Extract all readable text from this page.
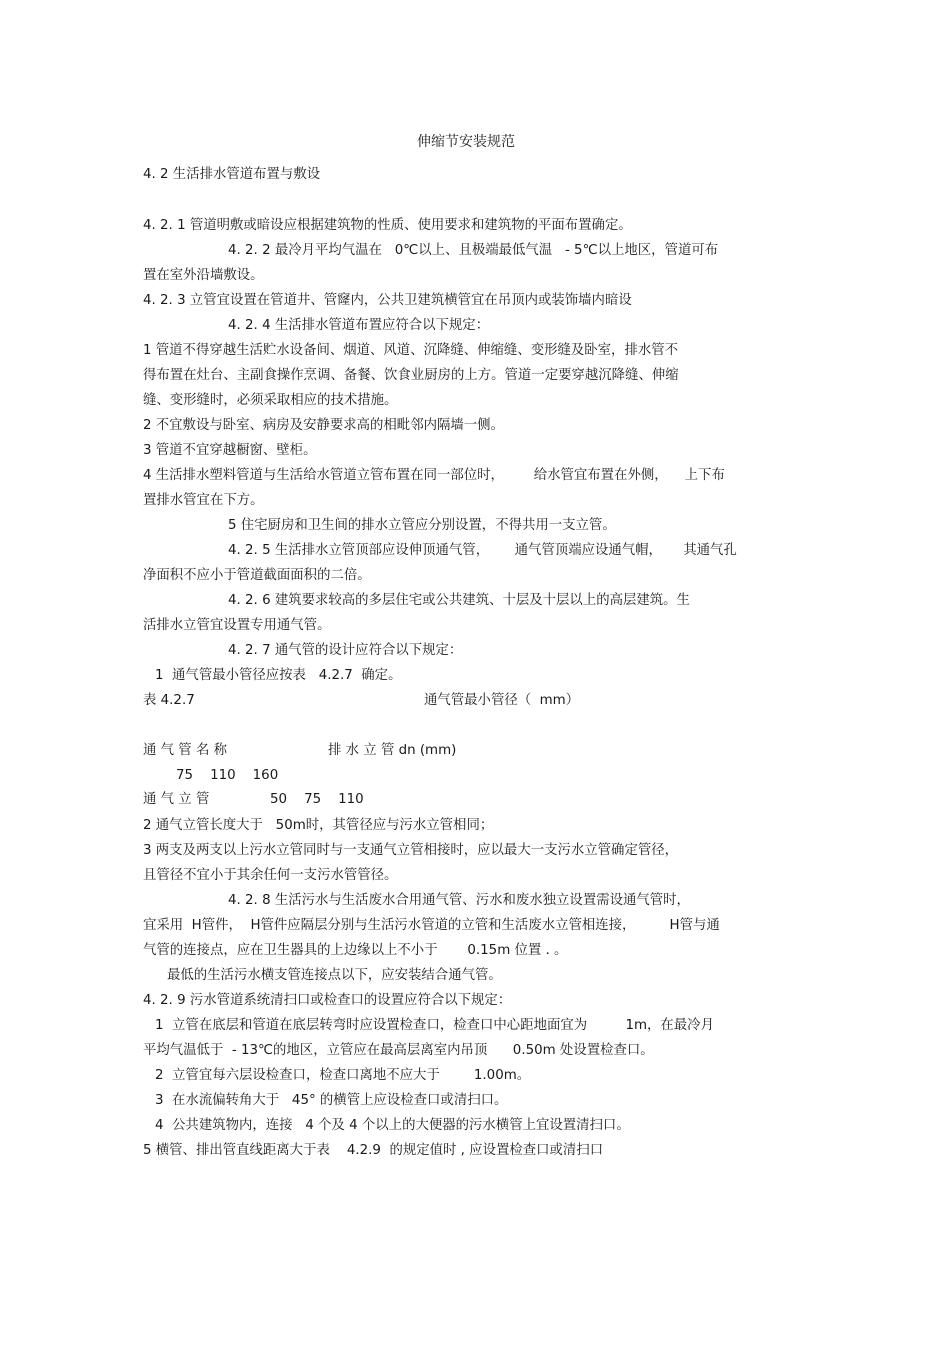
伸缩节安装规范
4. 2 生活排水管道布置与敷设
4. 2. 1 管道明敷或暗设应根据建筑物的性质、使用要求和建筑物的平面布置确定。
4. 2. 2 最冷月平均气温在   0℃以上、且极端最低气温   - 5℃以上地区，管道可布
置在室外沿墙敷设。
4. 2. 3 立管宜设置在管道井、管窿内，公共卫建筑横管宜在吊顶内或装饰墙内暗设
4. 2. 4 生活排水管道布置应符合以下规定：
1 管道不得穿越生活贮水设备间、烟道、风道、沉降缝、伸缩缝、变形缝及卧室，排水管不
得布置在灶台、主副食操作烹调、备餐、饮食业厨房的上方。管道一定要穿越沉降缝、伸缩
缝、变形缝时，必须采取相应的技术措施。
2 不宜敷设与卧室、病房及安静要求高的相毗邻内隔墙一侧。
3 管道不宜穿越橱窗、壁柜。
4 生活排水塑料管道与生活给水管道立管布置在同一部位时，       给水管宜布置在外侧，    上下布
置排水管宜在下方。
5 住宅厨房和卫生间的排水立管应分别设置，不得共用一支立管。
4. 2. 5 生活排水立管顶部应设伸顶通气管，      通气管顶端应设通气帽，     其通气孔
净面积不应小于管道截面面积的二倍。
4. 2. 6 建筑要求较高的多层住宅或公共建筑、十层及十层以上的高层建筑。生
活排水立管宜设置专用通气管。
4. 2. 7 通气管的设计应符合以下规定：
1  通气管最小管径应按表   4.2.7  确定。
表 4.2.7	通气管最小管径（  mm）
通 气 管 名 称	排 水 立 管 dn (mm)
75    110    160
通 气 立 管	50    75    110
2 通气立管长度大于   50m时，其管径应与污水立管相同；
3 两支及两支以上污水立管同时与一支通气立管相接时，应以最大一支污水立管确定管径，
且管径不宜小于其余任何一支污水管管径。
4. 2. 8 生活污水与生活废水合用通气管、污水和废水独立设置需设通气管时，
宜采用  H管件，  H管件应隔层分别与生活污水管道的立管和生活废水立管相连接，        H管与通
气管的连接点，应在卫生器具的上边缘以上不小于       0.15m 位置 . 。
最低的生活污水横支管连接点以下，应安装结合通气管。
4. 2. 9 污水管道系统清扫口或检查口的设置应符合以下规定：
1  立管在底层和管道在底层转弯时应设置检查口，检查口中心距地面宜为         1m，在最冷月
平均气温低于  - 13℃的地区，立管应在最高层离室内吊顶      0.50m 处设置检查口。
2  立管宜每六层设检查口，检查口离地不应大于        1.00m。
3  在水流偏转角大于   45° 的横管上应设检查口或清扫口。
4  公共建筑物内，连接   4 个及 4 个以上的大便器的污水横管上宜设置清扫口。
5 横管、排出管直线距离大于表    4.2.9  的规定值时 , 应设置检查口或清扫口
